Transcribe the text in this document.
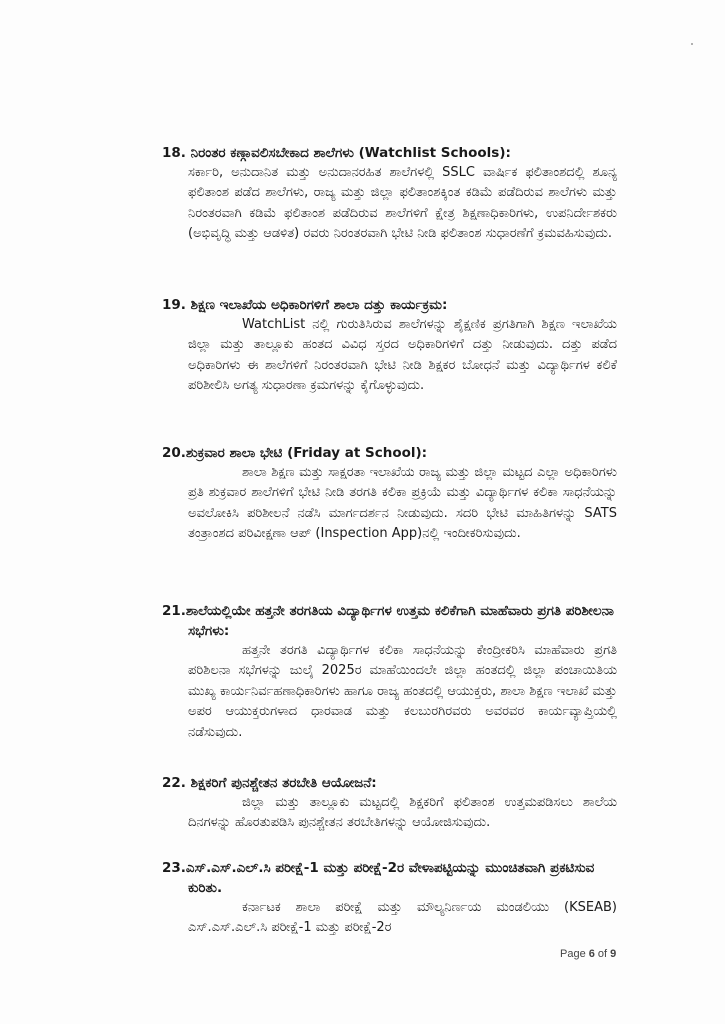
18. ನಿರಂತರ ಕಣ್ಗಾವಲಿಸಬೇಕಾದ ಶಾಲೆಗಳು (Watchlist Schools):

ಸರ್ಕಾರಿ, ಅನುದಾನಿತ ಮತ್ತು ಅನುದಾನರಹಿತ ಶಾಲೆಗಳಲ್ಲಿ SSLC ವಾರ್ಷಿಕ ಫಲಿತಾಂಶದಲ್ಲಿ ಶೂನ್ಯ ಫಲಿತಾಂಶ ಪಡೆದ ಶಾಲೆಗಳು, ರಾಜ್ಯ ಮತ್ತು ಜಿಲ್ಲಾ ಫಲಿತಾಂಶಕ್ಕಿಂತ ಕಡಿಮೆ ಪಡೆದಿರುವ ಶಾಲೆಗಳು ಮತ್ತು ನಿರಂತರವಾಗಿ ಕಡಿಮೆ ಫಲಿತಾಂಶ ಪಡೆದಿರುವ ಶಾಲೆಗಳಿಗೆ ಕ್ಷೇತ್ರ ಶಿಕ್ಷಣಾಧಿಕಾರಿಗಳು, ಉಪನಿರ್ದೇಶಕರು (ಅಭಿವೃದ್ಧಿ ಮತ್ತು ಆಡಳಿತ) ರವರು ನಿರಂತರವಾಗಿ ಭೇಟಿ ನೀಡಿ ಫಲಿತಾಂಶ ಸುಧಾರಣೆಗೆ ಕ್ರಮವಹಿಸುವುದು.

19. ಶಿಕ್ಷಣ ಇಲಾಖೆಯ ಅಧಿಕಾರಿಗಳಿಗೆ ಶಾಲಾ ದತ್ತು ಕಾರ್ಯಕ್ರಮ:

WatchList ನಲ್ಲಿ ಗುರುತಿಸಿರುವ ಶಾಲೆಗಳನ್ನು ಶೈಕ್ಷಣಿಕ ಪ್ರಗತಿಗಾಗಿ ಶಿಕ್ಷಣ ಇಲಾಖೆಯ ಜಿಲ್ಲಾ ಮತ್ತು ತಾಲ್ಲೂಕು ಹಂತದ ವಿವಿಧ ಸ್ತರದ ಅಧಿಕಾರಿಗಳಿಗೆ ದತ್ತು ನೀಡುವುದು. ದತ್ತು ಪಡೆದ ಅಧಿಕಾರಿಗಳು ಈ ಶಾಲೆಗಳಿಗೆ ನಿರಂತರವಾಗಿ ಭೇಟಿ ನೀಡಿ ಶಿಕ್ಷಕರ ಬೋಧನೆ ಮತ್ತು ವಿದ್ಯಾರ್ಥಿಗಳ ಕಲಿಕೆ ಪರಿಶೀಲಿಸಿ ಅಗತ್ಯ ಸುಧಾರಣಾ ಕ್ರಮಗಳನ್ನು ಕೈಗೊಳ್ಳುವುದು.

20.ಶುಕ್ರವಾರ ಶಾಲಾ ಭೇಟಿ (Friday at School):

ಶಾಲಾ ಶಿಕ್ಷಣ ಮತ್ತು ಸಾಕ್ಷರತಾ ಇಲಾಖೆಯ ರಾಜ್ಯ ಮತ್ತು ಜಿಲ್ಲಾ ಮಟ್ಟದ ಎಲ್ಲಾ ಅಧಿಕಾರಿಗಳು ಪ್ರತಿ ಶುಕ್ರವಾರ ಶಾಲೆಗಳಿಗೆ ಭೇಟಿ ನೀಡಿ ತರಗತಿ ಕಲಿಕಾ ಪ್ರಕ್ರಿಯೆ ಮತ್ತು ವಿದ್ಯಾರ್ಥಿಗಳ ಕಲಿಕಾ ಸಾಧನೆಯನ್ನು ಅವಲೋಕಿಸಿ ಪರಿಶೀಲನೆ ನಡೆಸಿ ಮಾರ್ಗದರ್ಶನ ನೀಡುವುದು. ಸದರಿ ಭೇಟಿ ಮಾಹಿತಿಗಳನ್ನು SATS ತಂತ್ರಾಂಶದ ಪರಿವೀಕ್ಷಣಾ ಆಪ್ (Inspection App)ನಲ್ಲಿ ಇಂದೀಕರಿಸುವುದು.

21.ಶಾಲೆಯಲ್ಲಿಯೇ ಹತ್ತನೇ ತರಗತಿಯ ವಿದ್ಯಾರ್ಥಿಗಳ ಉತ್ತಮ ಕಲಿಕೆಗಾಗಿ ಮಾಹೆವಾರು ಪ್ರಗತಿ ಪರಿಶೀಲನಾ ಸಭೆಗಳು:

ಹತ್ತನೇ ತರಗತಿ ವಿದ್ಯಾರ್ಥಿಗಳ ಕಲಿಕಾ ಸಾಧನೆಯನ್ನು ಕೇಂದ್ರೀಕರಿಸಿ ಮಾಹೆವಾರು ಪ್ರಗತಿ ಪರಿಶಿಲನಾ ಸಭೆಗಳನ್ನು ಜುಲೈ 2025ರ ಮಾಹೆಯಿಂದಲೇ ಜಿಲ್ಲಾ ಹಂತದಲ್ಲಿ ಜಿಲ್ಲಾ ಪಂಚಾಯಿತಿಯ ಮುಖ್ಯ ಕಾರ್ಯನಿರ್ವಹಣಾಧಿಕಾರಿಗಳು ಹಾಗೂ ರಾಜ್ಯ ಹಂತದಲ್ಲಿ ಆಯುಕ್ತರು, ಶಾಲಾ ಶಿಕ್ಷಣ ಇಲಾಖೆ ಮತ್ತು ಅಪರ ಆಯುಕ್ತರುಗಳಾದ ಧಾರವಾಡ ಮತ್ತು ಕಲಬುರಗಿರವರು ಅವರವರ ಕಾರ್ಯವ್ಯಾಪ್ತಿಯಲ್ಲಿ ನಡೆಸುವುದು.

22. ಶಿಕ್ಷಕರಿಗೆ ಪುನಶ್ಚೇತನ ತರಬೇತಿ ಆಯೋಜನೆ:

ಜಿಲ್ಲಾ ಮತ್ತು ತಾಲ್ಲೂಕು ಮಟ್ಟದಲ್ಲಿ ಶಿಕ್ಷಕರಿಗೆ ಫಲಿತಾಂಶ ಉತ್ತಮಪಡಿಸಲು ಶಾಲೆಯ ದಿನಗಳನ್ನು ಹೊರತುಪಡಿಸಿ ಪುನಶ್ಚೇತನ ತರಬೇತಿಗಳನ್ನು ಆಯೋಜಿಸುವುದು.

23.ಎಸ್.ಎಸ್.ಎಲ್.ಸಿ ಪರೀಕ್ಷೆ-1 ಮತ್ತು ಪರೀಕ್ಷೆ-2ರ ವೇಳಾಪಟ್ಟಿಯನ್ನು ಮುಂಚಿತವಾಗಿ ಪ್ರಕಟಿಸುವ ಕುರಿತು.

ಕರ್ನಾಟಕ ಶಾಲಾ ಪರೀಕ್ಷೆ ಮತ್ತು ಮೌಲ್ಯನಿರ್ಣಯ ಮಂಡಲಿಯು (KSEAB) ಎಸ್.ಎಸ್.ಎಲ್.ಸಿ ಪರೀಕ್ಷೆ-1 ಮತ್ತು ಪರೀಕ್ಷೆ-2ರ

Page 6 of 9
